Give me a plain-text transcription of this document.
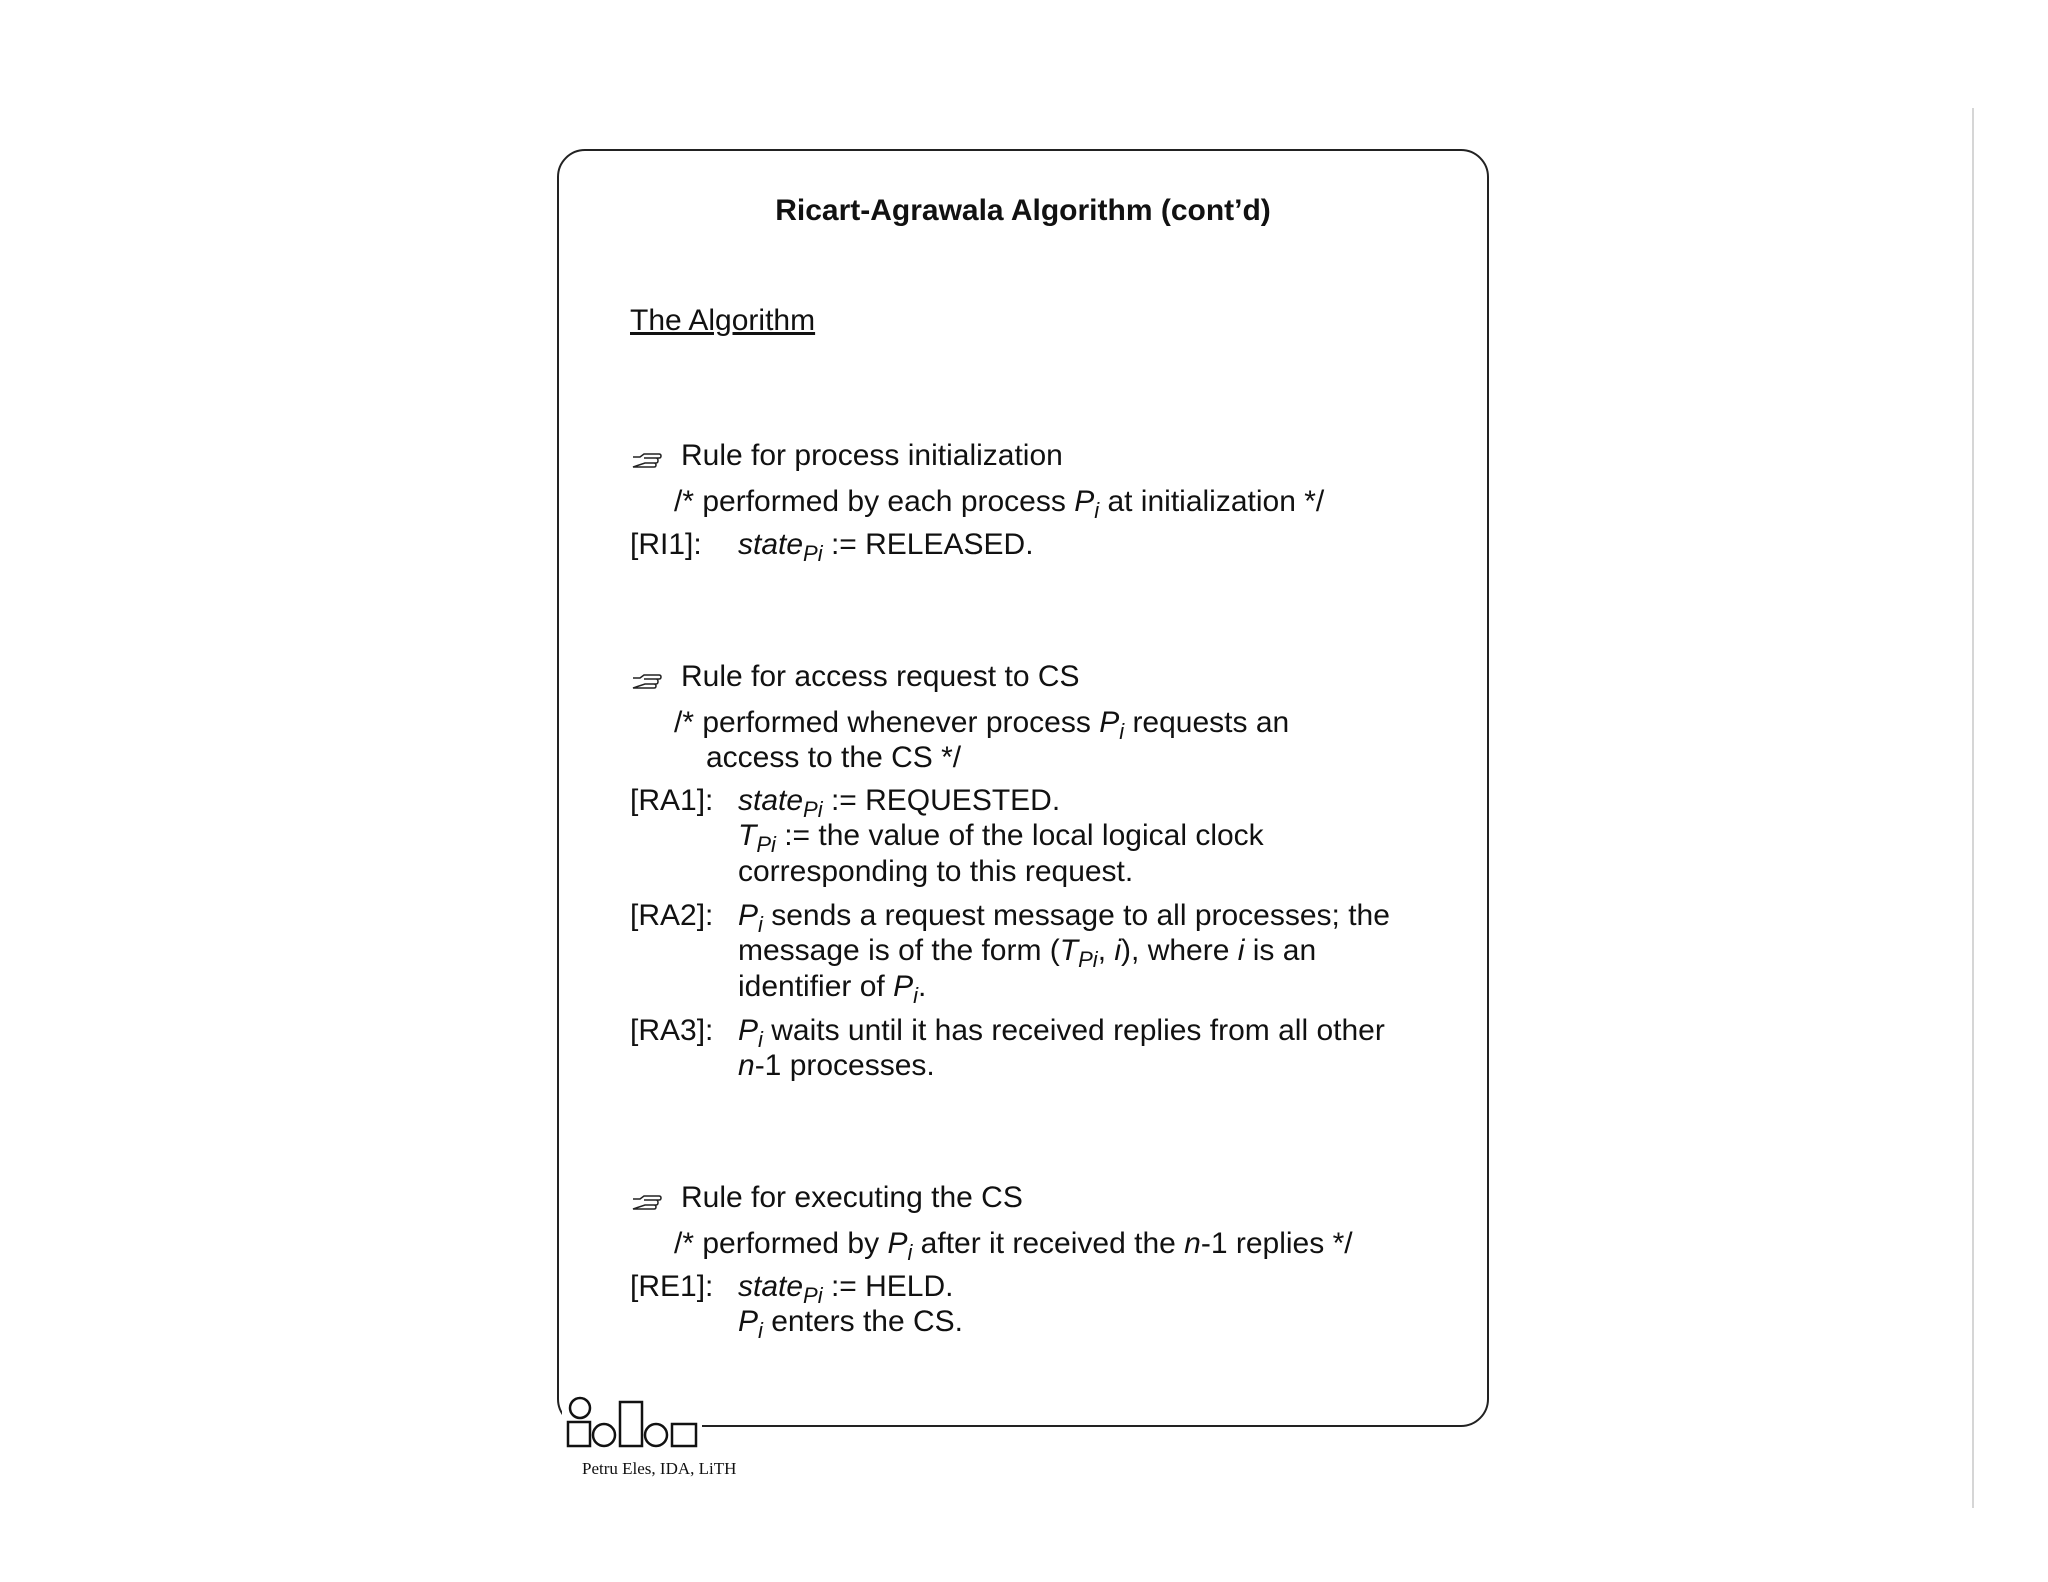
Ricart-Agrawala Algorithm (cont’d)
The Algorithm
Rule for process initialization
/* performed by each process $P_i$ at initialization */
[RI1]: state$_{Pi}$ := RELEASED.
Rule for access request to CS
/* performed whenever process $P_i$ requests an
access to the CS */
[RA1]: state$_{Pi}$ := REQUESTED.
$T_{Pi}$ := the value of the local logical clock
corresponding to this request.
[RA2]: $P_i$ sends a request message to all processes; the
message is of the form ($T_{Pi}$, i), where i is an
identifier of $P_i$.
[RA3]: $P_i$ waits until it has received replies from all other
n-1 processes.
Rule for executing the CS
/* performed by $P_i$ after it received the n-1 replies */
[RE1]: state$_{Pi}$ := HELD.
$P_i$ enters the CS.
Petru Eles, IDA, LiTH
